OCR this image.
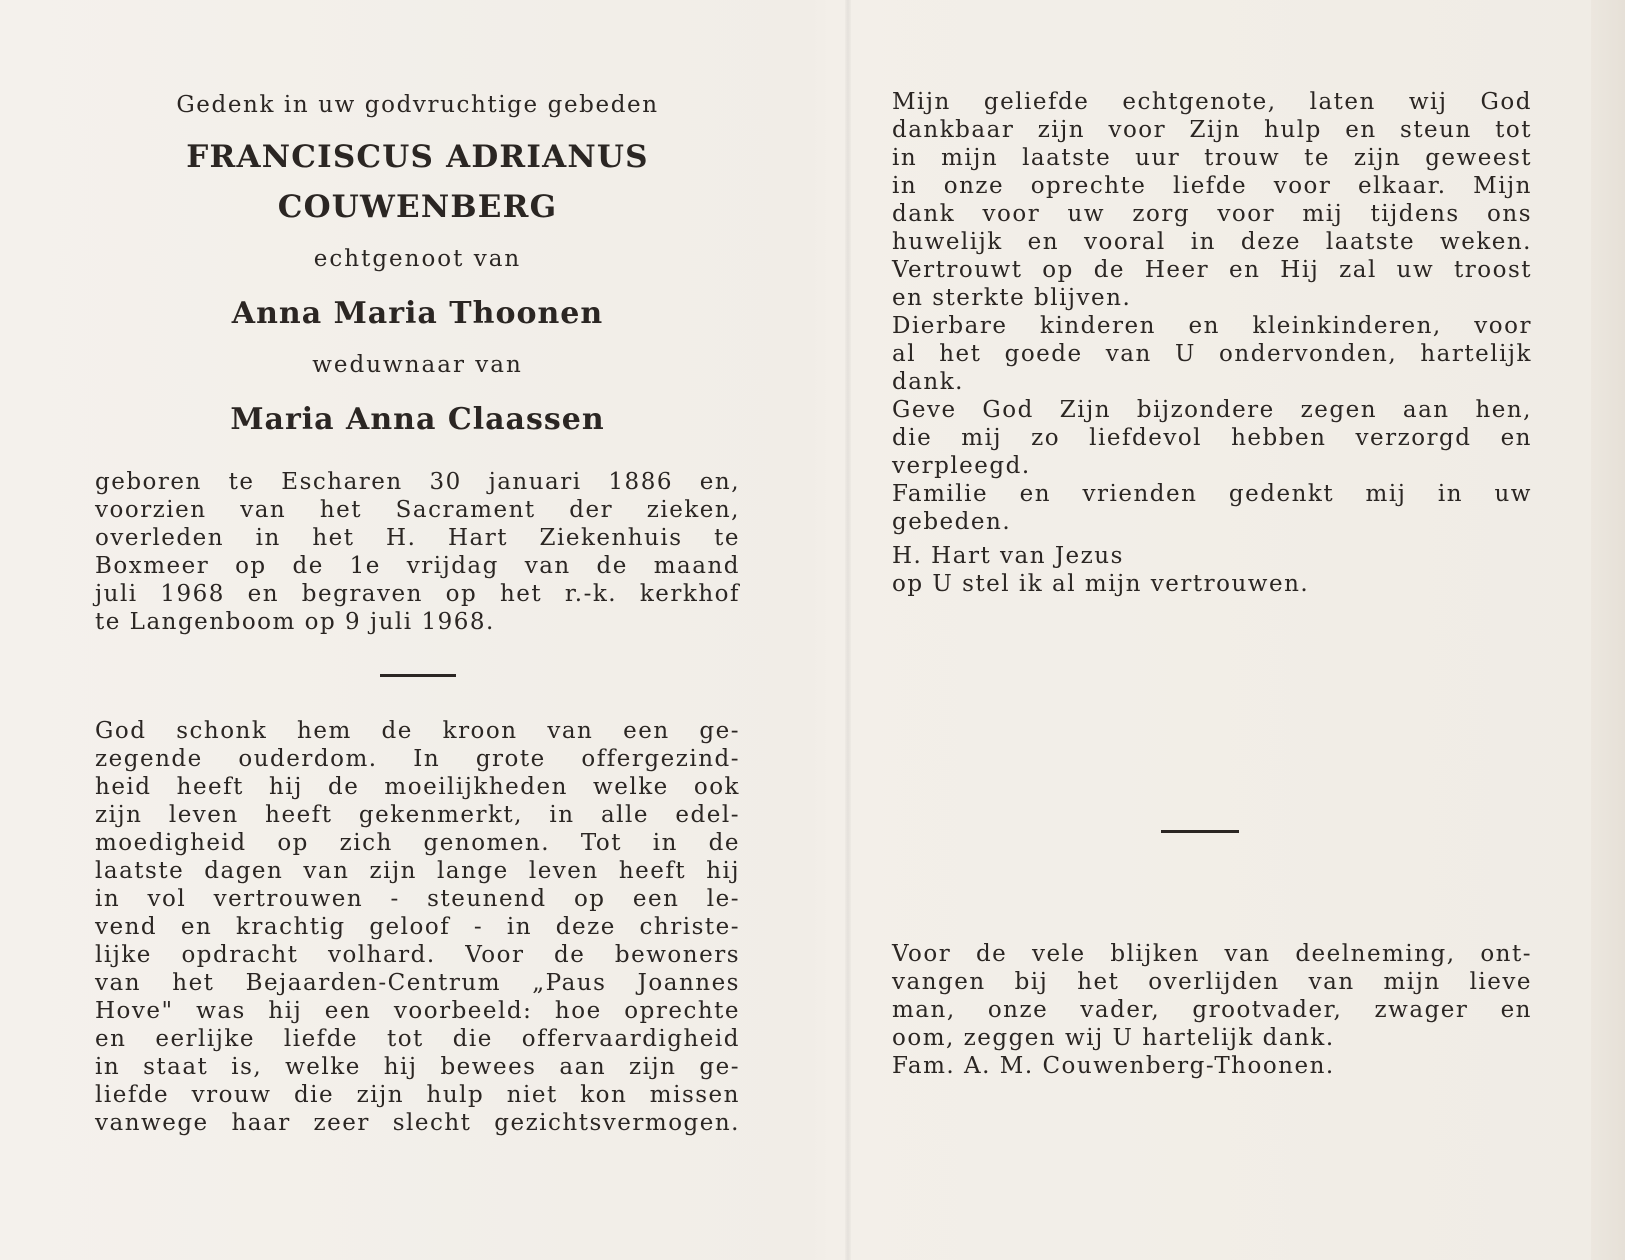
Gedenk in uw godvruchtige gebeden

FRANCISCUS ADRIANUS
COUWENBERG

echtgenoot van

Anna Maria Thoonen

weduwnaar van

Maria Anna Claassen

geboren te Escharen 30 januari 1886 en,
voorzien van het Sacrament der zieken,
overleden in het H. Hart Ziekenhuis te
Boxmeer op de 1e vrijdag van de maand
juli 1968 en begraven op het r.-k. kerkhof
te Langenboom op 9 juli 1968.

God schonk hem de kroon van een ge-
zegende ouderdom. In grote offergezind-
heid heeft hij de moeilijkheden welke ook
zijn leven heeft gekenmerkt, in alle edel-
moedigheid op zich genomen. Tot in de
laatste dagen van zijn lange leven heeft hij
in vol vertrouwen - steunend op een le-
vend en krachtig geloof - in deze christe-
lijke opdracht volhard. Voor de bewoners
van het Bejaarden-Centrum „Paus Joannes
Hove" was hij een voorbeeld: hoe oprechte
en eerlijke liefde tot die offervaardigheid
in staat is, welke hij bewees aan zijn ge-
liefde vrouw die zijn hulp niet kon missen
vanwege haar zeer slecht gezichtsvermogen.

Mijn geliefde echtgenote, laten wij God
dankbaar zijn voor Zijn hulp en steun tot
in mijn laatste uur trouw te zijn geweest
in onze oprechte liefde voor elkaar. Mijn
dank voor uw zorg voor mij tijdens ons
huwelijk en vooral in deze laatste weken.
Vertrouwt op de Heer en Hij zal uw troost
en sterkte blijven.
Dierbare kinderen en kleinkinderen, voor
al het goede van U ondervonden, hartelijk
dank.
Geve God Zijn bijzondere zegen aan hen,
die mij zo liefdevol hebben verzorgd en
verpleegd.
Familie en vrienden gedenkt mij in uw
gebeden.

H. Hart van Jezus
op U stel ik al mijn vertrouwen.

Voor de vele blijken van deelneming, ont-
vangen bij het overlijden van mijn lieve
man, onze vader, grootvader, zwager en
oom, zeggen wij U hartelijk dank.
Fam. A. M. Couwenberg-Thoonen.
